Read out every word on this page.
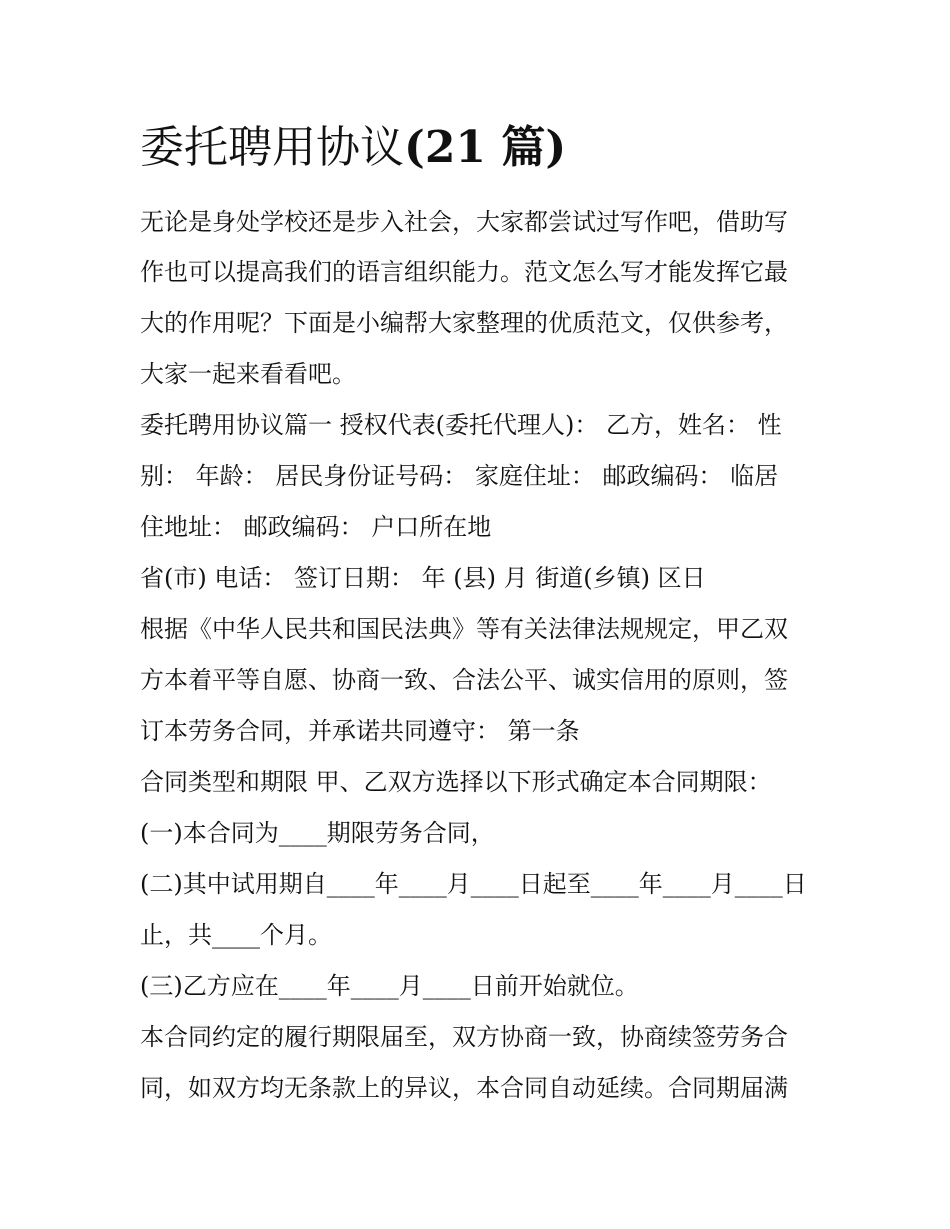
委托聘用协议(21 篇)

无论是身处学校还是步入社会，大家都尝试过写作吧，借助写

作也可以提高我们的语言组织能力。范文怎么写才能发挥它最

大的作用呢？下面是小编帮大家整理的优质范文，仅供参考，

大家一起来看看吧。

委托聘用协议篇一 授权代表(委托代理人)： 乙方，姓名： 性

别： 年龄： 居民身份证号码： 家庭住址： 邮政编码： 临居

住地址： 邮政编码： 户口所在地

省(市) 电话： 签订日期： 年 (县) 月 街道(乡镇) 区日

根据《中华人民共和国民法典》等有关法律法规规定，甲乙双

方本着平等自愿、协商一致、合法公平、诚实信用的原则，签

订本劳务合同，并承诺共同遵守： 第一条

合同类型和期限 甲、乙双方选择以下形式确定本合同期限：

(一)本合同为____期限劳务合同，

(二)其中试用期自____年____月____日起至____年____月____日

止，共____个月。

(三)乙方应在____年____月____日前开始就位。

本合同约定的履行期限届至，双方协商一致，协商续签劳务合

同，如双方均无条款上的异议，本合同自动延续。合同期届满
